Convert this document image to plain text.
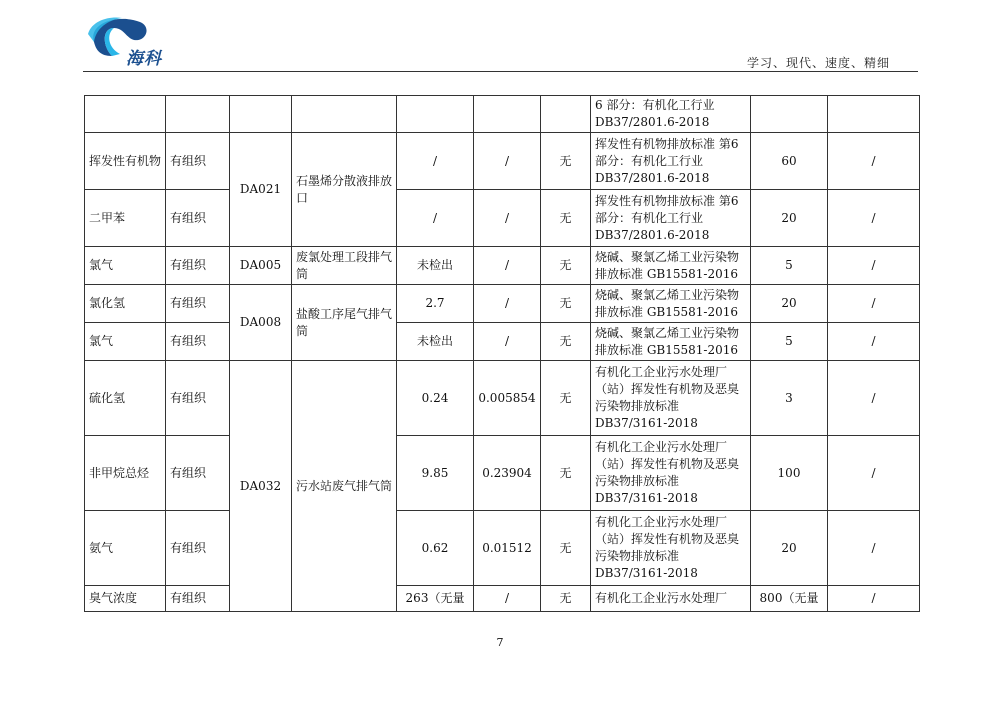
海科	学习、现代、速度、精细
							6 部分：有机化工行业 DB37/2801.6-2018		
挥发性有机物	有组织	DA021	石墨烯分散液排放口	/	/	无	挥发性有机物排放标准 第6部分：有机化工行业 DB37/2801.6-2018	60	/
二甲苯	有组织			/	/	无	挥发性有机物排放标准 第6部分：有机化工行业 DB37/2801.6-2018	20	/
氯气	有组织	DA005	废氯处理工段排气筒	未检出	/	无	烧碱、聚氯乙烯工业污染物排放标准 GB15581-2016	5	/
氯化氢	有组织	DA008	盐酸工序尾气排气筒	2.7	/	无	烧碱、聚氯乙烯工业污染物排放标准 GB15581-2016	20	/
氯气	有组织			未检出	/	无	烧碱、聚氯乙烯工业污染物排放标准 GB15581-2016	5	/
硫化氢	有组织	DA032	污水站废气排气筒	0.24	0.005854	无	有机化工企业污水处理厂（站）挥发性有机物及恶臭污染物排放标准 DB37/3161-2018	3	/
非甲烷总烃	有组织			9.85	0.23904	无	有机化工企业污水处理厂（站）挥发性有机物及恶臭污染物排放标准 DB37/3161-2018	100	/
氨气	有组织			0.62	0.01512	无	有机化工企业污水处理厂（站）挥发性有机物及恶臭污染物排放标准 DB37/3161-2018	20	/
臭气浓度	有组织			263（无量	/	无	有机化工企业污水处理厂	800（无量	/
7
